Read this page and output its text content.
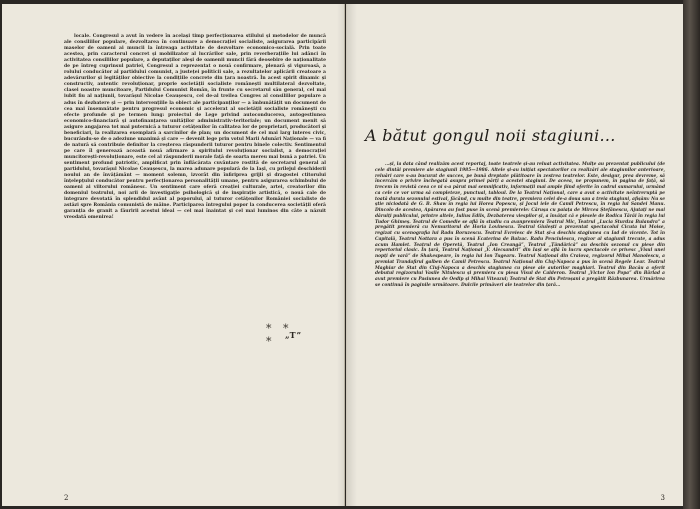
locale. Congresul a avut în vedere în același timp perfecționarea stilului și metodelor de muncă ale consiliilor populare, dezvoltarea în continuare a democrației socialiste, asigurarea participării maselor de oameni ai muncii la întreaga activitate de dezvoltare economico-socială. Prin toate acestea, prin caracterul concret și mobilizator al lucrărilor sale, prin reverberațiile lui adânci în activitatea consiliilor populare, a deputaților aleși de oamenii muncii fără deosebire de naționalitate de pe întreg cuprinsul patriei, Congresul a reprezentat o nouă confirmare, plenară și viguroasă, a rolului conducător al partidului comunist, a justeței politicii sale, a rezultatelor aplicării creatoare a adevărurilor și legităților obiective la condițiile concrete din țara noastră. În acest spirit dinamic și constructiv, autentic revoluționar, proprie societății socialiste românești multilateral dezvoltate, clasei noastre muncitoare, Partidului Comunist Român, în frunte cu secretarul său general, cel mai iubit fiu al națiunii, tovarășul Nicolae Ceaușescu, cel de-al treilea Congres al consiliilor populare a adus în dezbatere și — prin intervențiile la obiect ale participanților — a îmbunătățit un document de cea mai însemnătate pentru progresul economic și accelerat al societății socialiste românești cu efecte profunde și pe termen lung: proiectul de Lege privind autoconducerea, autogestiunea economico-financiară și autofinanțarea unităților administrativ-teritoriale; un document menit să asigure angajarea tot mai puternică a tuturor cetățenilor în calitatea lor de proprietari, producători și beneficiari, la realizarea exemplară a sarcinilor de plan; un document de cel mai larg interes civic, bucurându-se de o adeziune unanimă și care — devenit lege prin votul Marii Adunări Naționale — va fi de natură să contribuie definitor la creșterea răspunderii tuturor pentru binele colectiv. Sentimentul pe care îl generează această nouă afirmare a spiritului revoluționar socialist, a democrației muncitorești-revoluționare, este cel al răspunderii morale față de soarta mereu mai bună a patriei. Un sentiment profund patriotic, amplificat prin înflăcărata cuvântare rostită de secretarul general al partidului, tovarășul Nicolae Ceaușescu, la marea adunare populară de la Iași, cu prilejul deschiderii noului an de învățământ — moment solemn, izvorât din înfiriprea grijii și dragostei ctitorului înțelepțului conducător pentru perfecționarea personalității umane, pentru asigurarea schimbului de oameni ai viitorului românesc. Un sentiment care oferă creației culturale, artei, creatorilor din domeniul teatrului, noi arii de investigație psihologică și de inspirație artistică, o nouă cale de integrare devotată în splendidul avânt al poporului, al tuturor cetățenilor României socialiste de astăzi spre România comunistă de mâine. Participarea întregului popor la conducerea societății oferă garanția de granit a făuririi acestui ideal — cel mai înaintat și cel mai luminos din câte a năzuit vreodată omenirea!

* * *	„T”
2
A bătut gongul noii stagiuni...

...și, la data când realizăm acest reportaj, toate teatrele și-au reluat activitatea. Mulțe au prezentat publicului (de cele dintâi premiere ale stagiunii 1985—1986. Altele și-au inițiat spectatorilor cu realizări ale stagiunilor anterioare, reluări care s-au bucurat de succes, pe bună dreptate plătitoare în zestrea teatrelor. Este, desigur, prea devreme, să încercăm o privire închegată asupra primei părți a acestei stagiuni. De aceea, ne propunem, în pagina de față, să trecem în revistă ceea ce ni s-a părut mai semnificativ, informații mai ample fiind oferite în cadrul sumarului, urmând ca cele ce vor urma să completeze, punctual, tabloul. De la Teatrul Național, care a avut o activitate neîntreruptă pe toată durata sezonului estival, făcând, cu multe din teatre, premiera celei de-a doua sau a treia stagiuni, afișăm: Nu se știe niciodată de G. B. Shaw în regia lui Horea Popescu, și Jocul iele de Camil Petrescu, în regia lui Sandei Manu. Dincolo de acestea, Apărarea au fost puse în scenă premierele: Cărușa cu paiața de Mircea Ștefănescu, Ajutați ne mai dăruiți publicului, printre altele, Iulius Edils, Dezbaterea viespilor și, a învățat că e piesele de Rodica Tărăi în regia lui Tudor Ghimeș. Teatrul de Comedie se află în studiu cu avanpremiera Teatrul Mic, Teatrul „Lucia Sturdza Bulandra” a pregătit premieră cu Nemuritorul de Horia Lovinescu. Teatrul Giulești a prezentat spectacolul Cicuta lui Moise, regizat cu scenografia lui Radu Boruzescu. Teatrul Evreiesc de Stat și-a deschis stagiunea cu Iad de vicente. Tot în Capitală, Teatrul Nottara a pus în scenă Ecaterina de Balzac. Radu Penciulescu, regizor al stagiunii trecute, a adus acum Hamlet. Teatrul de Operetă, Teatrul „Ion Creangă”, Teatrul „Țăndărică” au deschis sezonul cu piese din repertoriul clasic. În țară, Teatrul Național „V. Alecsandri” din Iași se află în lucru spectacole ce privesc „Visul unei nopți de vară” de Shakespeare, în regia lui Ion Tugearu. Teatrul Național din Craiova, regizorul Mihai Manolescu, a premiat Trandafirul galben de Camil Petrescu. Teatrul Național din Cluj-Napoca a pus în scenă Regele Lear. Teatrul Maghiar de Stat din Cluj-Napoca a deschis stagiunea cu piese ale autorilor maghiari. Teatrul din Bacău a oferit debutul regizorului Vasile Nitulescu și premiera cu piesa Visul de Calderon. Teatrul „Victor Ion Popa” din Bârlad a avut premiere cu Pasiunea de Oedip și Mihai Viteazul; Teatrul de Stat din Petroșani a pregătit Răzbunarea. Urmărirea se continuă în paginile următoare. Dulcile primăveri ale teatrelor din țară...

3
